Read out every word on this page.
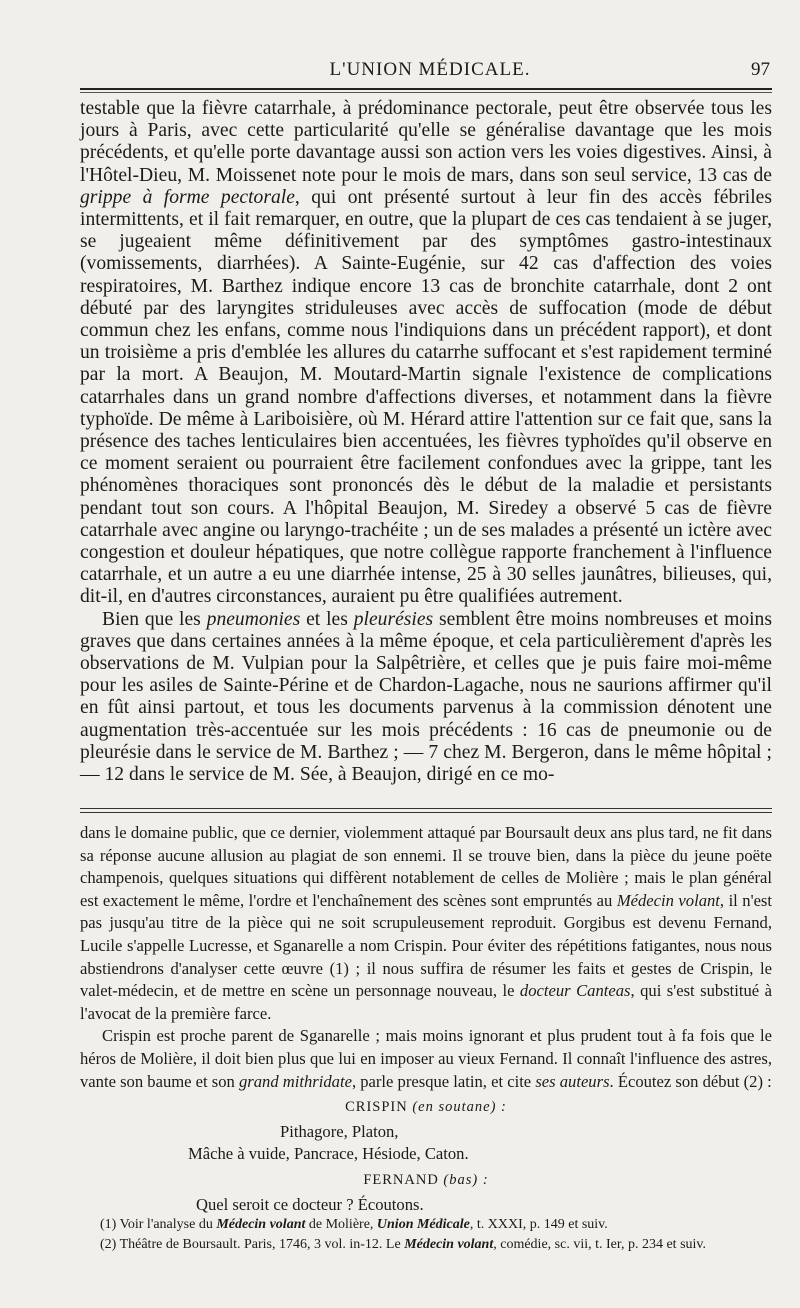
L'UNION MÉDICALE.	97

testable que la fièvre catarrhale, à prédominance pectorale, peut être observée tous les jours à Paris, avec cette particularité qu'elle se généralise davantage que les mois précédents, et qu'elle porte davantage aussi son action vers les voies digestives. Ainsi, à l'Hôtel-Dieu, M. Moissenet note pour le mois de mars, dans son seul service, 13 cas de grippe à forme pectorale, qui ont présenté surtout à leur fin des accès fébriles intermittents, et il fait remarquer, en outre, que la plupart de ces cas tendaient à se juger, se jugeaient même définitivement par des symptômes gastro-intestinaux (vomissements, diarrhées). A Sainte-Eugénie, sur 42 cas d'affection des voies respiratoires, M. Barthez indique encore 13 cas de bronchite catarrhale, dont 2 ont débuté par des laryngites striduleuses avec accès de suffocation (mode de début commun chez les enfans, comme nous l'indiquions dans un précédent rapport), et dont un troisième a pris d'emblée les allures du catarrhe suffocant et s'est rapidement terminé par la mort. A Beaujon, M. Moutard-Martin signale l'existence de complications catarrhales dans un grand nombre d'affections diverses, et notamment dans la fièvre typhoïde. De même à Lariboisière, où M. Hérard attire l'attention sur ce fait que, sans la présence des taches lenticulaires bien accentuées, les fièvres typhoïdes qu'il observe en ce moment seraient ou pourraient être facilement confondues avec la grippe, tant les phénomènes thoraciques sont prononcés dès le début de la maladie et persistants pendant tout son cours. A l'hôpital Beaujon, M. Siredey a observé 5 cas de fièvre catarrhale avec angine ou laryngo-trachéite ; un de ses malades a présenté un ictère avec congestion et douleur hépatiques, que notre collègue rapporte franchement à l'influence catarrhale, et un autre a eu une diarrhée intense, 25 à 30 selles jaunâtres, bilieuses, qui, dit-il, en d'autres circonstances, auraient pu être qualifiées autrement.

Bien que les pneumonies et les pleurésies semblent être moins nombreuses et moins graves que dans certaines années à la même époque, et cela particulièrement d'après les observations de M. Vulpian pour la Salpêtrière, et celles que je puis faire moi-même pour les asiles de Sainte-Périne et de Chardon-Lagache, nous ne saurions affirmer qu'il en fût ainsi partout, et tous les documents parvenus à la commission dénotent une augmentation très-accentuée sur les mois précédents : 16 cas de pneumonie ou de pleurésie dans le service de M. Barthez ; — 7 chez M. Bergeron, dans le même hôpital ; — 12 dans le service de M. Sée, à Beaujon, dirigé en ce mo-

dans le domaine public, que ce dernier, violemment attaqué par Boursault deux ans plus tard, ne fit dans sa réponse aucune allusion au plagiat de son ennemi. Il se trouve bien, dans la pièce du jeune poëte champenois, quelques situations qui diffèrent notablement de celles de Molière ; mais le plan général est exactement le même, l'ordre et l'enchaînement des scènes sont empruntés au Médecin volant, il n'est pas jusqu'au titre de la pièce qui ne soit scrupuleusement reproduit. Gorgibus est devenu Fernand, Lucile s'appelle Lucresse, et Sganarelle a nom Crispin. Pour éviter des répétitions fatigantes, nous nous abstiendrons d'analyser cette œuvre (1) ; il nous suffira de résumer les faits et gestes de Crispin, le valet-médecin, et de mettre en scène un personnage nouveau, le docteur Canteas, qui s'est substitué à l'avocat de la première farce.

Crispin est proche parent de Sganarelle ; mais moins ignorant et plus prudent tout à fa fois que le héros de Molière, il doit bien plus que lui en imposer au vieux Fernand. Il connaît l'influence des astres, vante son baume et son grand mithridate, parle presque latin, et cite ses auteurs. Écoutez son début (2) :

CRISPIN (en soutane) :

Pithagore, Platon,

Mâche à vuide, Pancrace, Hésiode, Caton.

FERNAND (bas) :

Quel seroit ce docteur ? Écoutons.

(1) Voir l'analyse du Médecin volant de Molière, Union Médicale, t. XXXI, p. 149 et suiv.

(2) Théâtre de Boursault. Paris, 1746, 3 vol. in-12. Le Médecin volant, comédie, sc. vii, t. Ier, p. 234 et suiv.
